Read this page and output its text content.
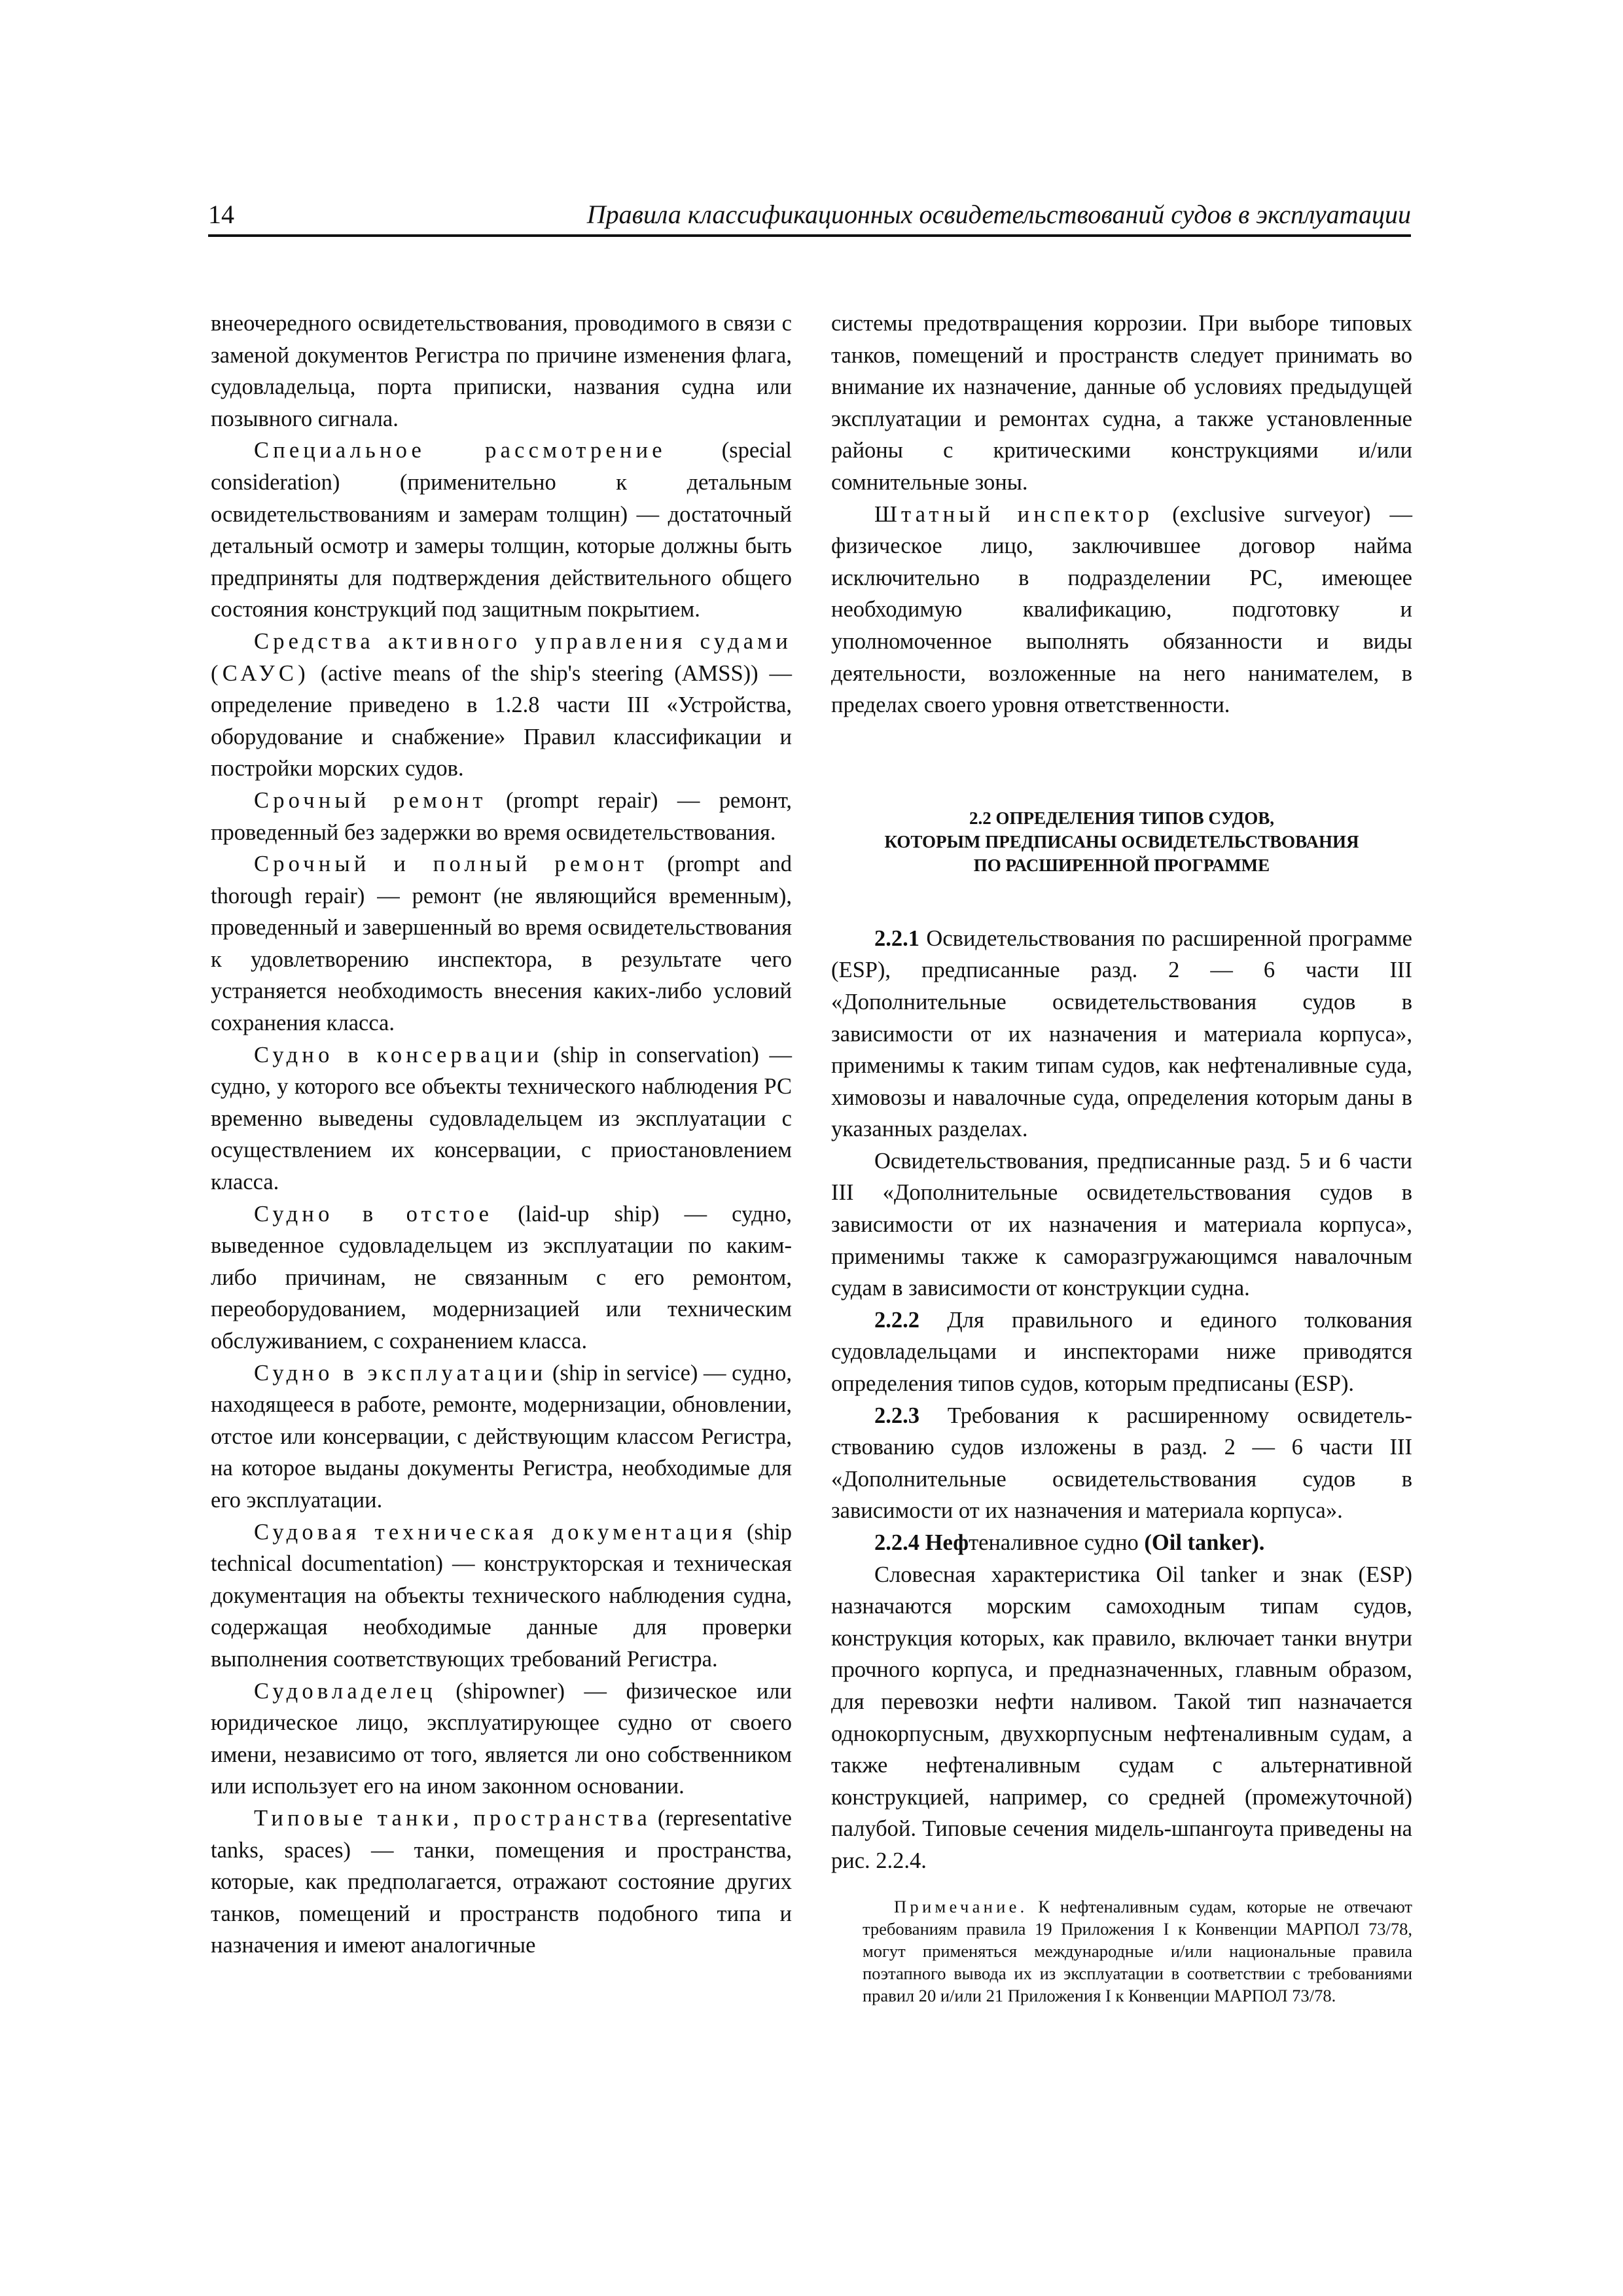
14	Правила классификационных освидетельствований судов в эксплуатации

внеочередного освидетельствования, проводимого в связи с заменой документов Регистра по причине изменения флага, судовладельца, порта приписки, названия судна или позывного сигнала.

Специальное рассмотрение (special consideration) (применительно к детальным освидетельствованиям и замерам толщин) — достаточный детальный осмотр и замеры толщин, которые должны быть предприняты для подтверждения действительного общего состояния конструкций под защитным покрытием.

Средства активного управления судами (САУС) (active means of the ship's steering (AMSS)) — определение приведено в 1.2.8 части III «Устройства, оборудование и снабжение» Правил классификации и постройки морских судов.

Срочный ремонт (prompt repair) — ремонт, проведенный без задержки во время освидетельствования.

Срочный и полный ремонт (prompt and thorough repair) — ремонт (не являющийся временным), проведенный и завершенный во время освидетельствования к удовлетворению инспектора, в результате чего устраняется необходимость внесения каких-либо условий сохранения класса.

Судно в консервации (ship in conservation) — судно, у которого все объекты технического наблюдения РС временно выведены судовладельцем из эксплуатации с осуществлением их консервации, с приостановлением класса.

Судно в отстое (laid-up ship) — судно, выведенное судовладельцем из эксплуатации по каким-либо причинам, не связанным с его ремонтом, переоборудованием, модернизацией или техническим обслуживанием, с сохранением класса.

Судно в эксплуатации (ship in service) — судно, находящееся в работе, ремонте, модернизации, обновлении, отстое или консервации, с действующим классом Регистра, на которое выданы документы Регистра, необходимые для его эксплуатации.

Судовая техническая документация (ship technical documentation) — конструкторская и техническая документация на объекты технического наблюдения судна, содержащая необходимые данные для проверки выполнения соответствующих требований Регистра.

Судовладелец (shipowner) — физическое или юридическое лицо, эксплуатирующее судно от своего имени, независимо от того, является ли оно собственником или использует его на ином законном основании.

Типовые танки, пространства (representative tanks, spaces) — танки, помещения и пространства, которые, как предполагается, отражают состояние других танков, помещений и пространств подобного типа и назначения и имеют аналогичные

системы предотвращения коррозии. При выборе типовых танков, помещений и пространств следует принимать во внимание их назначение, данные об условиях предыдущей эксплуатации и ремонтах судна, а также установленные районы с критическими конструкциями и/или сомнительные зоны.

Штатный инспектор (exclusive surveyor) — физическое лицо, заключившее договор найма исключительно в подразделении РС, имеющее необходимую квалификацию, подготовку и уполномоченное выполнять обязанности и виды деятельности, возложенные на него нанимателем, в пределах своего уровня ответственности.

2.2 ОПРЕДЕЛЕНИЯ ТИПОВ СУДОВ,
КОТОРЫМ ПРЕДПИСАНЫ ОСВИДЕТЕЛЬСТВОВАНИЯ
ПО РАСШИРЕННОЙ ПРОГРАММЕ

2.2.1 Освидетельствования по расширенной программе (ESP), предписанные разд. 2 — 6 части III «Дополнительные освидетельствования судов в зависимости от их назначения и материала корпуса», применимы к таким типам судов, как нефтеналивные суда, химовозы и навалочные суда, определения которым даны в указанных разделах.

Освидетельствования, предписанные разд. 5 и 6 части III «Дополнительные освидетельствования судов в зависимости от их назначения и материала корпуса», применимы также к саморазгружающимся навалочным судам в зависимости от конструкции судна.

2.2.2 Для правильного и единого толкования судовладельцами и инспекторами ниже приводятся определения типов судов, которым предписаны (ESP).

2.2.3 Требования к расширенному освидетельствованию судов изложены в разд. 2 — 6 части III «Дополнительные освидетельствования судов в зависимости от их назначения и материала корпуса».

2.2.4 Нефтеналивное судно (Oil tanker).

Словесная характеристика Oil tanker и знак (ESP) назначаются морским самоходным типам судов, конструкция которых, как правило, включает танки внутри прочного корпуса, и предназначенных, главным образом, для перевозки нефти наливом. Такой тип назначается однокорпусным, двухкорпусным нефтеналивным судам, а также нефтеналивным судам с альтернативной конструкцией, например, со средней (промежуточной) палубой. Типовые сечения мидель-шпангоута приведены на рис. 2.2.4.

Примечание. К нефтеналивным судам, которые не отвечают требованиям правила 19 Приложения I к Конвенции МАРПОЛ 73/78, могут применяться международные и/или национальные правила поэтапного вывода их из эксплуатации в соответствии с требованиями правил 20 и/или 21 Приложения I к Конвенции МАРПОЛ 73/78.
